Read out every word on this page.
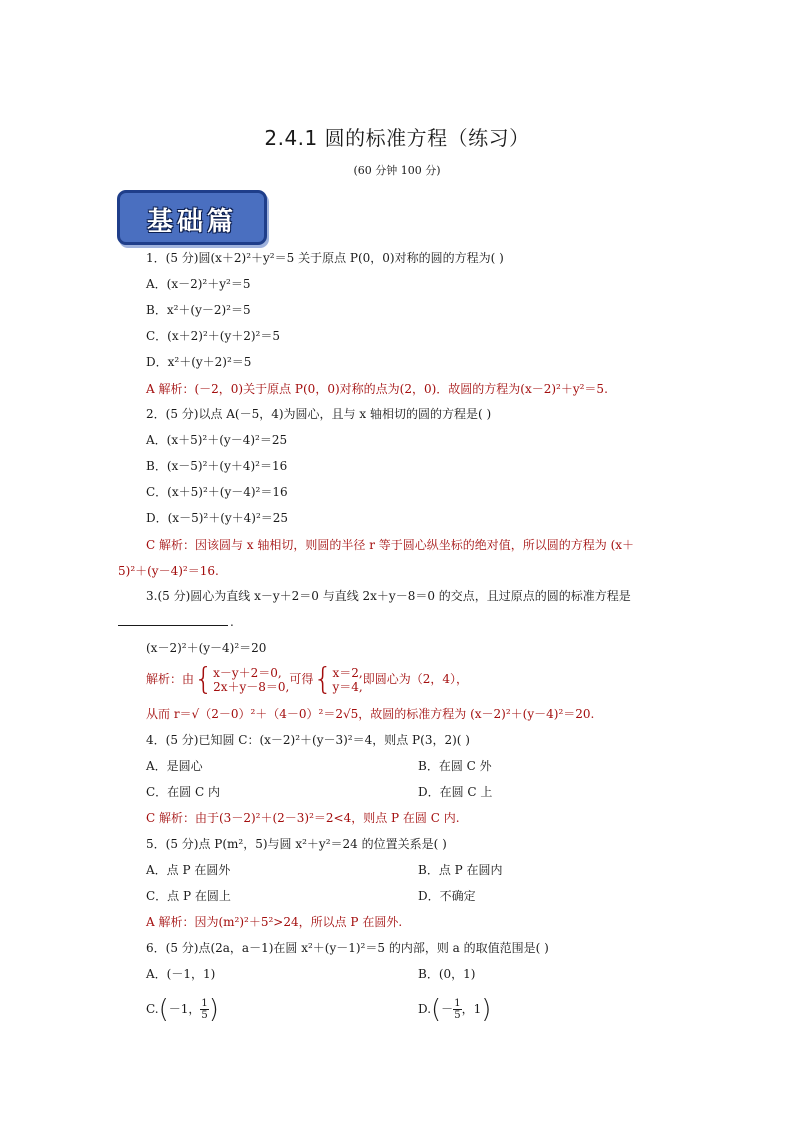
2.4.1 圆的标准方程（练习）
(60 分钟 100 分)
基础篇
1．(5 分)圆(x＋2)²＋y²＝5 关于原点 P(0，0)对称的圆的方程为( )
A．(x－2)²＋y²＝5
B．x²＋(y－2)²＝5
C．(x＋2)²＋(y＋2)²＝5
D．x²＋(y＋2)²＝5
A 解析：(－2，0)关于原点 P(0，0)对称的点为(2，0)．故圆的方程为(x－2)²＋y²＝5.
2．(5 分)以点 A(－5，4)为圆心，且与 x 轴相切的圆的方程是( )
A．(x＋5)²＋(y－4)²＝25
B．(x－5)²＋(y＋4)²＝16
C．(x＋5)²＋(y－4)²＝16
D．(x－5)²＋(y＋4)²＝25
C 解析：因该圆与 x 轴相切，则圆的半径 r 等于圆心纵坐标的绝对值，所以圆的方程为 (x＋
5)²＋(y－4)²＝16.
3.(5 分)圆心为直线 x－y＋2＝0 与直线 2x＋y－8＝0 的交点，且过原点的圆的标准方程是
.
(x－2)²＋(y－4)²＝20
解析：由{ x－y＋2＝0,
2x＋y－8＝0,
可得{ x＝2,
y＝4,
即圆心为（2，4），
从而 r＝√（2－0）²＋（4－0）²＝2√5，故圆的标准方程为 (x－2)²＋(y－4)²＝20.
4．(5 分)已知圆 C：(x－2)²＋(y－3)²＝4，则点 P(3，2)( )
A．是圆心	B．在圆 C 外
C．在圆 C 内	D．在圆 C 上
C 解析：由于(3－2)²＋(2－3)²＝2<4，则点 P 在圆 C 内.
5．(5 分)点 P(m²，5)与圆 x²＋y²＝24 的位置关系是( )
A．点 P 在圆外	B．点 P 在圆内
C．点 P 在圆上	D．不确定
A 解析：因为(m²)²＋5²>24，所以点 P 在圆外.
6．(5 分)点(2a，a－1)在圆 x²＋(y－1)²＝5 的内部，则 a 的取值范围是( )
A．(－1，1)	B．(0，1)
C.(－1， $\frac{1}{5}$ )	$D.(- \frac{1}{5}$ ，1)
